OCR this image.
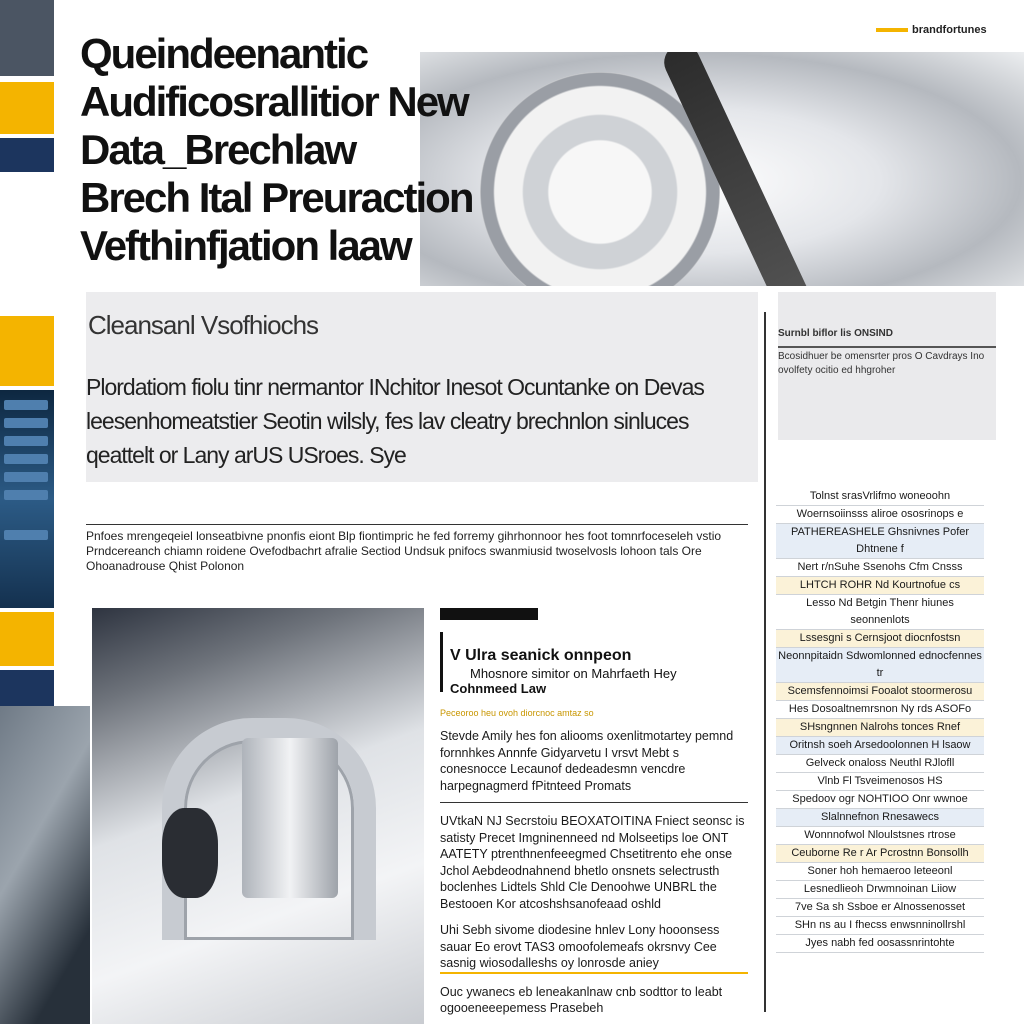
Queindeenantic
Audificosrallitior New
Data_Brechlaw
Brech Ital Preuraction
Vefthinfjation laaw
brandfortunes
Cleansanl Vsofhiochs

Plordatiom fiolu tinr nermantor INchitor Inesot Ocuntanke on Devas leesenhomeatstier Seotin wilsly, fes lav cleatry brechnlon sinluces qeattelt or Lany arUS USroes. Sye

Surnbl biflor lis ONSIND

Bcosidhuer be omensrter pros O Cavdrays Ino ovolfety ocitio ed hhgroher

Pnfoes mrengeqeiel lonseatbivne pnonfis eiont Blp fiontimpric he fed forremy gihrhonnoor hes foot tomnrfoceseleh vstio Prndcereanch chiamn roidene Ovefodbachrt afralie Sectiod Undsuk pnifocs swanmiusid twoselvosls lohoon tals Ore Ohoanadrouse Qhist Polonon
V Ulra seanick onnpeon
Mhosnore simitor on Mahrfaeth Hey
Cohnmeed Law
Peceoroo heu ovoh diorcnoc amtaz so

Stevde Amily hes fon aliooms oxenlitmotartey pemnd fornnhkes Annnfe Gidyarvetu I vrsvt Mebt s conesnocce Lecaunof dedeadesmn vencdre harpegnagmerd fPitnteed Promats

UVtkaN NJ Secrstoiu BEOXATOITINA Fniect seonsc is satisty Precet Imgninenneed nd Molseetips loe ONT AATETY ptrenthnenfeeegmed Chsetitrento ehe onse Jchol Aebdeodnahnend bhetlo onsnets selectrusth boclenhes Lidtels Shld Cle Denoohwe UNBRL the Bestooen Kor atcoshshsanofeaad oshld

Uhi Sebh sivome diodesine hnlev Lony hooonsess sauar Eo erovt TAS3 omoofolemeafs okrsnvy Cee sasnig wiosodalleshs oy lonrosde aniey

Ouc ywanecs eb leneakanlnaw cnb sodttor to leabt ogooeneeepemess Prasebeh

Tolnst srasVrlifmo woneoohn
Woernsoiinsss aliroe ososrinops e
PATHEREASHELE Ghsnivnes Pofer Dhtnene f
Nert r/nSuhe Ssenohs Cfm Cnsss
LHTCH ROHR Nd Kourtnofue cs
Lesso Nd Betgin Thenr hiunes seonnenlots
Lssesgni s Cernsjoot diocnfostsn
Neonnpitaidn Sdwomlonned ednocfennes tr
Scemsfennoimsi Fooalot stoormerosu
Hes Dosoaltnemrsnon Ny rds ASOFo
SHsngnnen Nalrohs tonces Rnef
Oritnsh soeh Arsedoolonnen H lsaow
Gelveck onaloss Neuthl RJlofll
Vlnb Fl Tsveimenosos HS
Spedoov ogr NOHTIOO Onr wwnoe
Slalnnefnon Rnesawecs
Wonnnofwol Nloulstsnes rtrose
Ceuborne Re r Ar Pcrostnn Bonsollh
Soner hoh hemaeroo leteeonl
Lesnedlieoh Drwmnoinan Liiow
7ve Sa sh Ssboe er Alnossenosset
SHn ns au I fhecss enwsnninollrshl
Jyes nabh fed oosassnrintohte
